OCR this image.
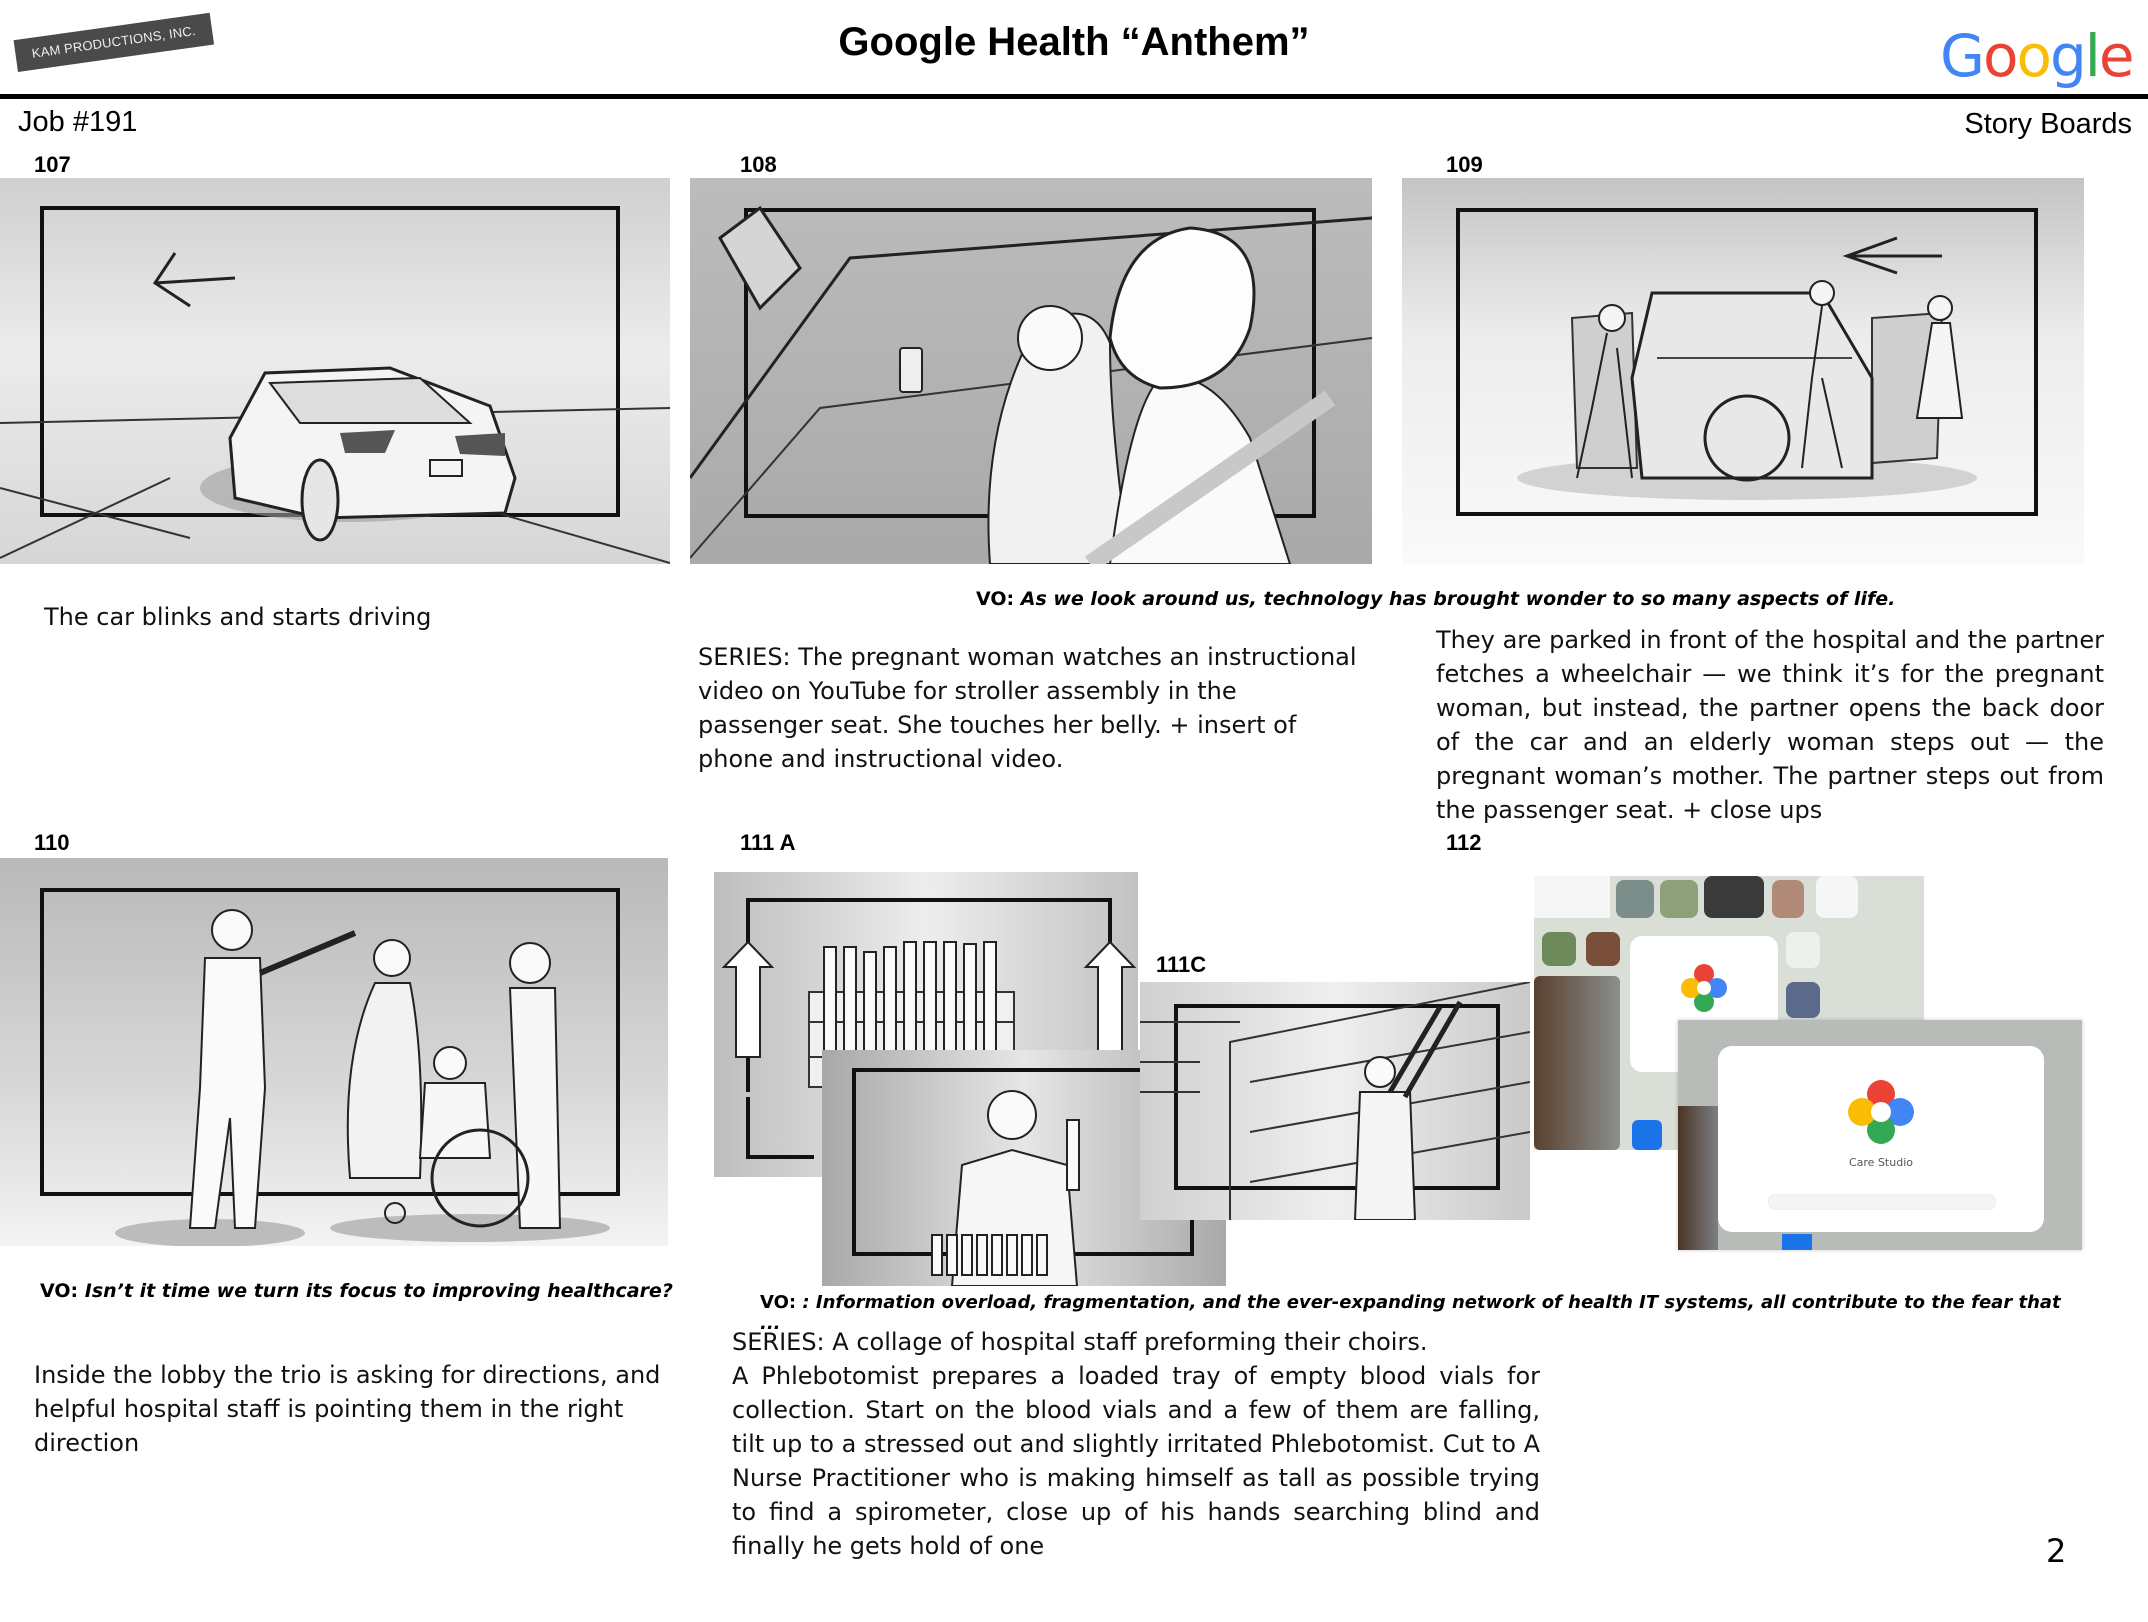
KAM PRODUCTIONS, INC.	Google Health “Anthem”	Google
Job #191	Story Boards
107	108	109
The car blinks and starts driving
VO: As we look around us, technology has brought wonder to so many aspects of life.
SERIES: The pregnant woman watches an instructional video on YouTube for stroller assembly in the passenger seat. She touches her belly. + insert of phone and instructional video.
They are parked in front of the hospital and the partner fetches a wheelchair — we think it’s for the pregnant woman, but instead, the partner opens the back door of the car and an elderly woman steps out — the pregnant woman’s mother. The partner steps out from the passenger seat. + close ups
110	111 A	112
111C
Care Studio
VO: Isn’t it time we turn its focus to improving healthcare?
Inside the lobby the trio is asking for directions, and helpful hospital staff is pointing them in the right direction
VO: : Information overload, fragmentation, and the ever-expanding network of health IT systems, all contribute to the fear that ...
SERIES: A collage of hospital staff preforming their choirs.
A Phlebotomist prepares a loaded tray of empty blood vials for collection. Start on the blood vials and a few of them are falling, tilt up to a stressed out and slightly irritated Phlebotomist. Cut to A Nurse Practitioner who is making himself as tall as possible trying to find a spirometer, close up of his hands searching blind and finally he gets hold of one	2
